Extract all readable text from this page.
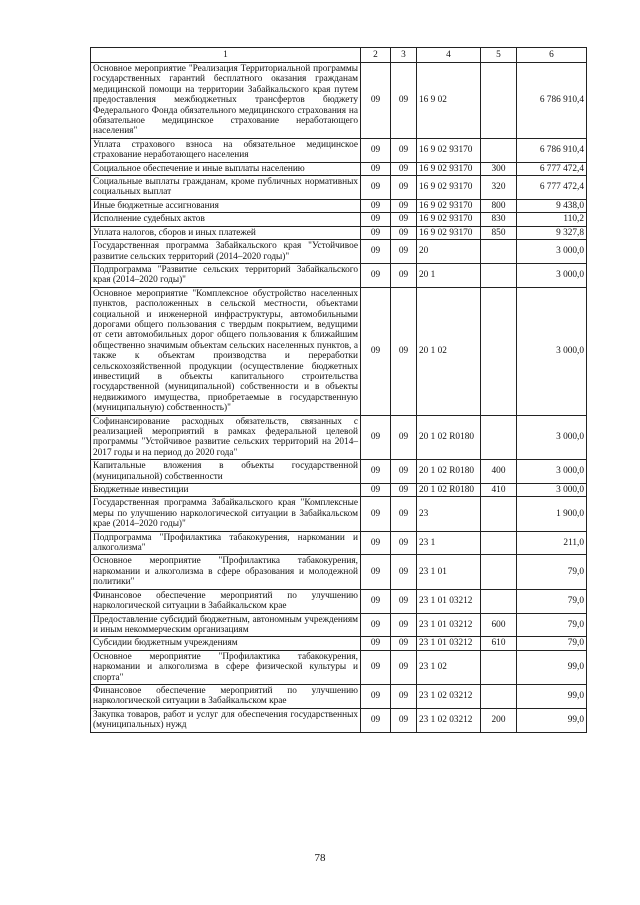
1	2	3	4	5	6
Основное мероприятие "Реализация Территориальной программы государственных гарантий бесплатного оказания гражданам медицинской помощи на территории Забайкальского края путем предоставления межбюджетных трансфертов бюджету Федерального Фонда обязательного медицинского страхования на обязательное медицинское страхование неработающего населения"	09	09	16 9 02		6 786 910,4
Уплата страхового взноса на обязательное медицинское страхование неработающего населения	09	09	16 9 02 93170		6 786 910,4
Социальное обеспечение и иные выплаты населению	09	09	16 9 02 93170	300	6 777 472,4
Социальные выплаты гражданам, кроме публичных нормативных социальных выплат	09	09	16 9 02 93170	320	6 777 472,4
Иные бюджетные ассигнования	09	09	16 9 02 93170	800	9 438,0
Исполнение судебных актов	09	09	16 9 02 93170	830	110,2
Уплата налогов, сборов и иных платежей	09	09	16 9 02 93170	850	9 327,8
Государственная программа Забайкальского края "Устойчивое развитие сельских территорий (2014–2020 годы)"	09	09	20		3 000,0
Подпрограмма "Развитие сельских территорий Забайкальского края (2014–2020 годы)"	09	09	20 1		3 000,0
Основное мероприятие "Комплексное обустройство населенных пунктов, расположенных в сельской местности, объектами социальной и инженерной инфраструктуры, автомобильными дорогами общего пользования с твердым покрытием, ведущими от сети автомобильных дорог общего пользования к ближайшим общественно значимым объектам сельских населенных пунктов, а также к объектам производства и переработки сельскохозяйственной продукции (осуществление бюджетных инвестиций в объекты капитального строительства государственной (муниципальной) собственности и в объекты недвижимого имущества, приобретаемые в государственную (муниципальную) собственность)"	09	09	20 1 02		3 000,0
Софинансирование расходных обязательств, связанных с реализацией мероприятий в рамках федеральной целевой программы "Устойчивое развитие сельских территорий на 2014–2017 годы и на период до 2020 года"	09	09	20 1 02 R0180		3 000,0
Капитальные вложения в объекты государственной (муниципальной) собственности	09	09	20 1 02 R0180	400	3 000,0
Бюджетные инвестиции	09	09	20 1 02 R0180	410	3 000,0
Государственная программа Забайкальского края "Комплексные меры по улучшению наркологической ситуации в Забайкальском крае (2014–2020 годы)"	09	09	23		1 900,0
Подпрограмма "Профилактика табакокурения, наркомании и алкоголизма"	09	09	23 1		211,0
Основное мероприятие "Профилактика табакокурения, наркомании и алкоголизма в сфере образования и молодежной политики"	09	09	23 1 01		79,0
Финансовое обеспечение мероприятий по улучшению наркологической ситуации в Забайкальском крае	09	09	23 1 01 03212		79,0
Предоставление субсидий бюджетным, автономным учреждениям и иным некоммерческим организациям	09	09	23 1 01 03212	600	79,0
Субсидии бюджетным учреждениям	09	09	23 1 01 03212	610	79,0
Основное мероприятие "Профилактика табакокурения, наркомании и алкоголизма в сфере физической культуры и спорта"	09	09	23 1 02		99,0
Финансовое обеспечение мероприятий по улучшению наркологической ситуации в Забайкальском крае	09	09	23 1 02 03212		99,0
Закупка товаров, работ и услуг для обеспечения государственных (муниципальных) нужд	09	09	23 1 02 03212	200	99,0
78
